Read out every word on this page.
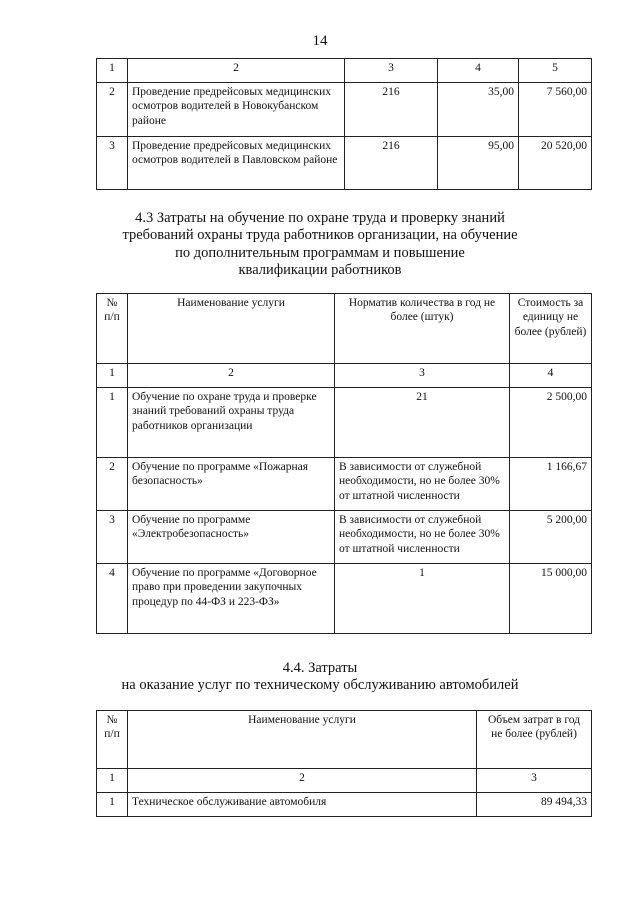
14
1	2	3	4	5
2	Проведение предрейсовых медицинских осмотров водителей в Новокубанском районе	216	35,00	7 560,00
3	Проведение предрейсовых медицинских осмотров водителей в Павловском районе	216	95,00	20 520,00
4.3 Затраты на обучение по охране труда и проверку знаний
требований охраны труда работников организации, на обучение
по дополнительным программам и повышение
квалификации работников
№ п/п	Наименование услуги	Норматив количества в год не более (штук)	Стоимость за единицу не более (рублей)
1	2	3	4
1	Обучение по охране труда и проверке знаний требований охраны труда работников организации	21	2 500,00
2	Обучение по программе «Пожарная безопасность»	В зависимости от служебной необходимости, но не более 30% от штатной численности	1 166,67
3	Обучение по программе «Электробезопасность»	В зависимости от служебной необходимости, но не более 30% от штатной численности	5 200,00
4	Обучение по программе «Договорное право при проведении закупочных процедур по 44-ФЗ и 223-ФЗ»	1	15 000,00
4.4. Затраты
на оказание услуг по техническому обслуживанию автомобилей
№ п/п	Наименование услуги	Объем затрат в год не более (рублей)
1	2	3
1	Техническое обслуживание автомобиля	89 494,33
